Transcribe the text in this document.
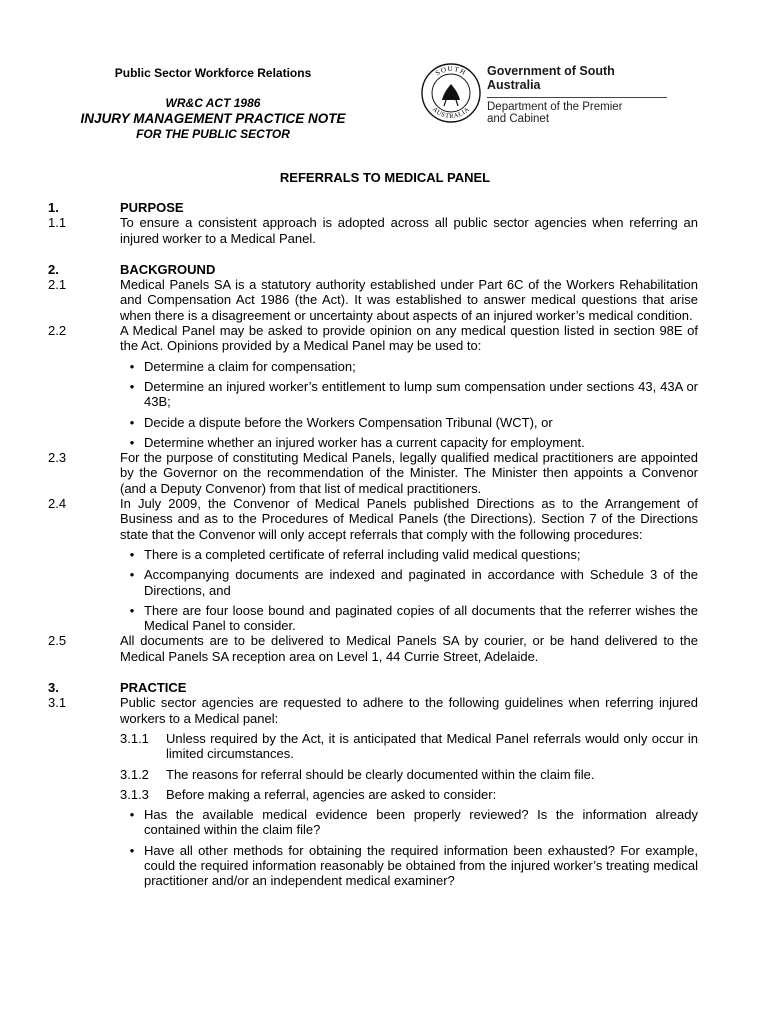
Public Sector Workforce Relations
WR&C ACT 1986
INJURY MANAGEMENT PRACTICE NOTE
FOR THE PUBLIC SECTOR
SOUTH
AUSTRALIA
Government of South Australia
Department of the Premier
and Cabinet
REFERRALS TO MEDICAL PANEL
1.	PURPOSE
1.1	To ensure a consistent approach is adopted across all public sector agencies when referring an injured worker to a Medical Panel.
2.	BACKGROUND
2.1	Medical Panels SA is a statutory authority established under Part 6C of the Workers Rehabilitation and Compensation Act 1986 (the Act). It was established to answer medical questions that arise when there is a disagreement or uncertainty about aspects of an injured worker’s medical condition.
2.2	A Medical Panel may be asked to provide opinion on any medical question listed in section 98E of the Act. Opinions provided by a Medical Panel may be used to:
• Determine a claim for compensation;
• Determine an injured worker’s entitlement to lump sum compensation under sections 43, 43A or 43B;
• Decide a dispute before the Workers Compensation Tribunal (WCT), or
• Determine whether an injured worker has a current capacity for employment.
2.3	For the purpose of constituting Medical Panels, legally qualified medical practitioners are appointed by the Governor on the recommendation of the Minister. The Minister then appoints a Convenor (and a Deputy Convenor) from that list of medical practitioners.
2.4	In July 2009, the Convenor of Medical Panels published Directions as to the Arrangement of Business and as to the Procedures of Medical Panels (the Directions). Section 7 of the Directions state that the Convenor will only accept referrals that comply with the following procedures:
• There is a completed certificate of referral including valid medical questions;
• Accompanying documents are indexed and paginated in accordance with Schedule 3 of the Directions, and
• There are four loose bound and paginated copies of all documents that the referrer wishes the Medical Panel to consider.
2.5	All documents are to be delivered to Medical Panels SA by courier, or be hand delivered to the Medical Panels SA reception area on Level 1, 44 Currie Street, Adelaide.
3.	PRACTICE
3.1	Public sector agencies are requested to adhere to the following guidelines when referring injured workers to a Medical panel:
3.1.1	Unless required by the Act, it is anticipated that Medical Panel referrals would only occur in limited circumstances.
3.1.2	The reasons for referral should be clearly documented within the claim file.
3.1.3	Before making a referral, agencies are asked to consider:
• Has the available medical evidence been properly reviewed? Is the information already contained within the claim file?
• Have all other methods for obtaining the required information been exhausted? For example, could the required information reasonably be obtained from the injured worker’s treating medical practitioner and/or an independent medical examiner?
